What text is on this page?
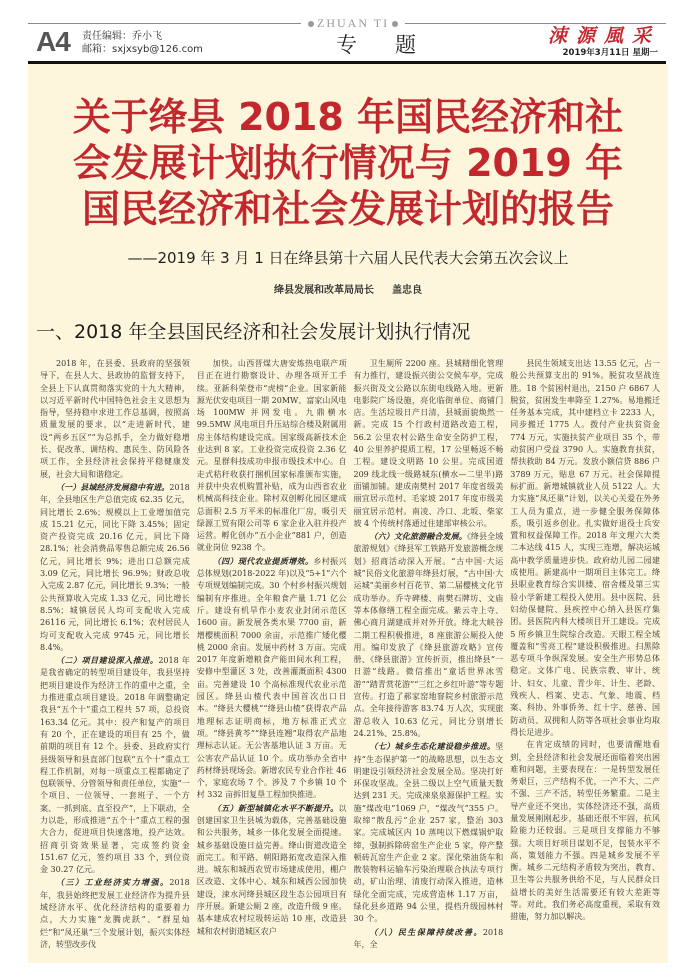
A4 责任编辑：乔小飞
邮箱：sxjxsyb@126.com
ZHUAN TI
专题	涑源風采
2019年3月11日 星期一
关于绛县 2018 年国民经济和社
会发展计划执行情况与 2019 年
国民经济和社会发展计划的报告
——2019 年 3 月 1 日在绛县第十六届人民代表大会第五次会议上
绛县发展和改革局局长 盖忠良
一、2018 年全县国民经济和社会发展计划执行情况

2018 年，在县委、县政府的坚强领导下，在县人大、县政协的监督支持下，全县上下认真贯彻落实党的十九大精神，以习近平新时代中国特色社会主义思想为指导，坚持稳中求进工作总基调，按照高质量发展的要求，以“走进新时代，建设“两乡五区”“为总抓手，全力做好稳增长、促改革、调结构、惠民生、防风险各项工作，全县经济社会保持平稳健康发展，社会大局和谐稳定。

（一）县域经济发展稳中有进。2018 年，全县地区生产总值完成 62.35 亿元，同比增长 2.6%；规模以上工业增加值完成 15.21 亿元，同比下降 3.45%；固定资产投资完成 20.16 亿元，同比下降 28.1%；社会消费品零售总额完成 26.56 亿元，同比增长 9%；进出口总额完成 3.09 亿元，同比增长 96.9%；财政总收入完成 2.87 亿元，同比增长 9.3%；一般公共预算收入完成 1.33 亿元，同比增长 8.5%；城镇居民人均可支配收入完成 26116 元，同比增长 6.1%；农村居民人均可支配收入完成 9745 元，同比增长 8.4%。

（二）项目建设深入推进。2018 年是我省确定的转型项目建设年，我县坚持把项目建设作为经济工作的重中之重，全力推进重点项目建设。2018 年调整确定我县“五个十”重点工程共 57 项，总投资 163.34 亿元。其中：投产和复产的项目有 20 个，正在建设的项目有 25 个，做前期的项目有 12 个。县委、县政府实行县级领导和县直部门包联“五个十”重点工程工作机制，对每一项重点工程都确定了包联领导、分管领导和责任单位，实施“一个项目、一位领导、一套班子、一个方案、一抓到底、直至投产”，上下联动，全力以赴，形成推进“五个十”重点工程的强大合力，促进项目快速落地，投产达效。招商引资效果显著，完成签约资金 151.67 亿元，签约项目 33 个，到位资金 30.27 亿元。

（三）工业经济实力增强。2018 年，我县始终把发展工业经济作为提升县域经济水平、优化经济结构的重要着力点，大力实施“龙腾虎跃”、“群星灿烂”和“凤还巢”三个发展计划，振兴实体经济，转型改步伐

加快。山西晋煤大唐安炼热电联产项目正在进行勘察设计、办理各项开工手续。亚新科荣登市“虎榜”企业。国家新能源光伏安电项目一期 20MW、富家山风电场 100MW 并网发电。九鼎横水 99.5MW 风电项目升压站综合楼及附属用房主体结构建设完成。国家级高新技术企业达到 8 家。工业投资完成投资 2.36 亿元。星群科技成功申报市级技术中心。自走式秸秆收获打捆机国家标准颁布实施，并获中央农机购置补贴，成为山西省农业机械高科技企业。除村双创孵化园区建成总面积 2.5 万平米的标准化厂房，吸引天绿源工贸有限公司等 6 家企业入驻并投产运营。孵化创办“五小企业”881 户，创造就业岗位 9238 个。

（四）现代农业提质增效。乡村振兴总体规划(2018-2022 年)以及“5+1”六个专项规划编制完成。30 个村乡村振兴规划编制有序推进。全年粮食产量 1.71 亿公斤。建设有机旱作小麦农业封闭示范区 1600 亩。新发展各类水果 7700 亩，新增樱桃面积 7000 余亩，示范推广矮化樱桃 2000 余亩。发展中药材 3 万亩。完成 2017 年度新增粮食产能田间水利工程，安修中型灌区 3 处，改善灌溉面积 4300 亩。完善建设 10 个高标准现代农业示范园区。绛县山楂代表中国首次出口日本。“绛县大樱桃”“绛县山楂”获得农产品地理标志证明商标，地方标准正式立项。“绛县黄芩”“绛县连翘”取得农产品地理标志认证。无公害基地认证 3 万亩。无公害农产品认证 10 个。成功举办全省中药材绛县现场会。新增农民专业合作社 46 个，家庭农场 7 个。涉及 7 个乡镇 10 个村 332 亩拆旧复垦工程加快推进。

（五）新型城镇化水平不断提升。以创建国家卫生县城为载体，完善基础设施和公共服务，城乡一体化发展全面提速。城乡基础设施日益完善。绛山街道改造全面完工。和平路、朝阳路拓宽改造深入推进。城东和城西农贸市场建成使用，棚户区改造、文体中心、城东和城西公园加快建设，涑水河绛县城区段生态公园项目有序开展。新建公厕 2 座，改造升级 9 座。基本建成农村垃圾转运站 10 座，改造县城和农村街道城区农户

卫生厕所 2200 座。县城精细化管理有力推行，建设振兴街公交候车亭，完成振兴街及文公路以东街电线路入地。更新电影院广场设施，亮化临街单位、商铺门店。生活垃圾日产日清，县城面貌焕然一新。完成 15 个行政村道路改造工程，56.2 公里农村公路生命安全防护工程，40 公里养护提质工程，17 公里畅返不畅工程。建设文明路 10 公里。完成国道 209 线北线一级路城东(横水—二里半)路面铺加铺。建成南樊村 2017 年度省级美丽宜居示范村、毛家坡 2017 年度市级美丽宜居示范村。南凌、冷口、北坂、柴家坡 4 个传统村落通过住建部审核公示。

（六）文化旅游融合发展。《绛县全域旅游规划》《绛县军工铁路开发旅游概念规划》招商活动深入开展。“古中国·大运城”民俗文化旅游年绛县灯展，“古中国·大运城”美丽乡村百花节、第二届樱桃文化节成功举办。乔寺碑楼、南樊石牌坊、文庙等本体修缮工程全面完成。紫云寺上寺、佛心商月湖建成并对外开放。绛北大峡谷二期工程积极推进，8 座旅游公厕投入使用。编印发放了《绛县旅游攻略》宣传册、《绛县旅游》宣传折页，推出绛县“一日游”线路。微信推出“童话世界冰雪游”“踏青赏花游”“三红之乡红叶游”等专题宣传。打造了郝家窑地窨院乡村旅游示范点。全年接待游客 83.74 万人次，实现旅游总收入 10.63 亿元，同比分别增长 24.21%、25.8%。

（七）城乡生态化建设稳步推进。坚持“生态保护第一”的战略思想，以生态文明建设引领经济社会发展全局。坚决打好环保攻坚战。全县二级以上空气质量天数达到 231 天。完成涑泉泉源保护工程。实施“煤改电”1069 户，“煤改气”355 户。取缔“散乱污”企业 257 家，整治 303 家。完成城区内 10 蒸吨以下燃煤锅炉取缔，强制拆除砖窑生产企业 5 家，停产整顿砖瓦窑生产企业 2 家。深化柴油货车和散装物料运输车污染治理联合执法专项行动，矿山治理、清废行动深入推进，造林绿化全面完成，完成营造林 1.17 万亩，绿化县乡道路 94 公里，提档升级园林村 30 个。

（八）民生保障持续改善。2018 年，全

县民生领域支出达 13.55 亿元，占一般公共预算支出的 91%。脱贫攻坚战连胜。18 个贫困村退出，2150 户 6867 人脱贫，贫困发生率降至 1.27%。易地搬迁任务基本完成，其中建档立卡 2233 人，同步搬迁 1775 人。拨付产业扶贫资金 774 万元，实施扶贫产业项目 35 个，带动贫困户受益 3790 人。实施教育扶贫，帮扶救助 84 万元。发放小额信贷 886 户 3789 万元，贴息 67 万元。社会保障提标扩面。新增城镇就业人员 5122 人。大力实施“凤还巢”计划，以关心关爱在外务工人员为重点，进一步健全服务保障体系，吸引返乡创业。扎实做好退役士兵安置和权益保障工作。2018 年文理六大类二本达线 415 人，实现三连增，解决运城高中教学质量进步快。政府幼儿园二园建成使用。新建高中一期项目主体完工。绛县职业教育综合实训楼、宿舍楼及第三实验小学新建工程投入使用。县中医院、县妇幼保健院、县疾控中心纳入县医疗集团。县医院内科大楼项目开工建设。完成 5 所乡镇卫生院综合改造。天眼工程全域覆盖和“雪亮工程”建设积极推进。扫黑除恶专项斗争纵深发展。安全生产形势总体稳定。文体广电、民族宗教、审计、统计、妇女、儿童、青少年、计生、老龄、残疾人、档案、史志、气象、地震、档案、科协、外事侨务、红十字、慈善、国防动员、双拥和人防等各项社会事业均取得长足进步。

在肯定成绩的同时，也要清醒地看到，全县经济和社会发展还面临着突出困难和问题，主要表现在：一是转型发展任务艰巨，三产结构不优，一产不大、二产不强、三产不活，转型任务繁重。二是主导产业还不突出，实体经济还不强，高质量发展刚刚起步，基础还很不牢固，抗风险能力还较弱。三是项目支撑能力不够强。大项目好项目谋划不足，包装水平不高，策划能力不强。四是城乡发展不平衡。城乡二元结构矛盾较为突出，教育、卫生等公共服务供给不足，与人民群众日益增长的美好生活需要还有较大差距等等。对此，我们务必高度重视，采取有效措施，努力加以解决。
